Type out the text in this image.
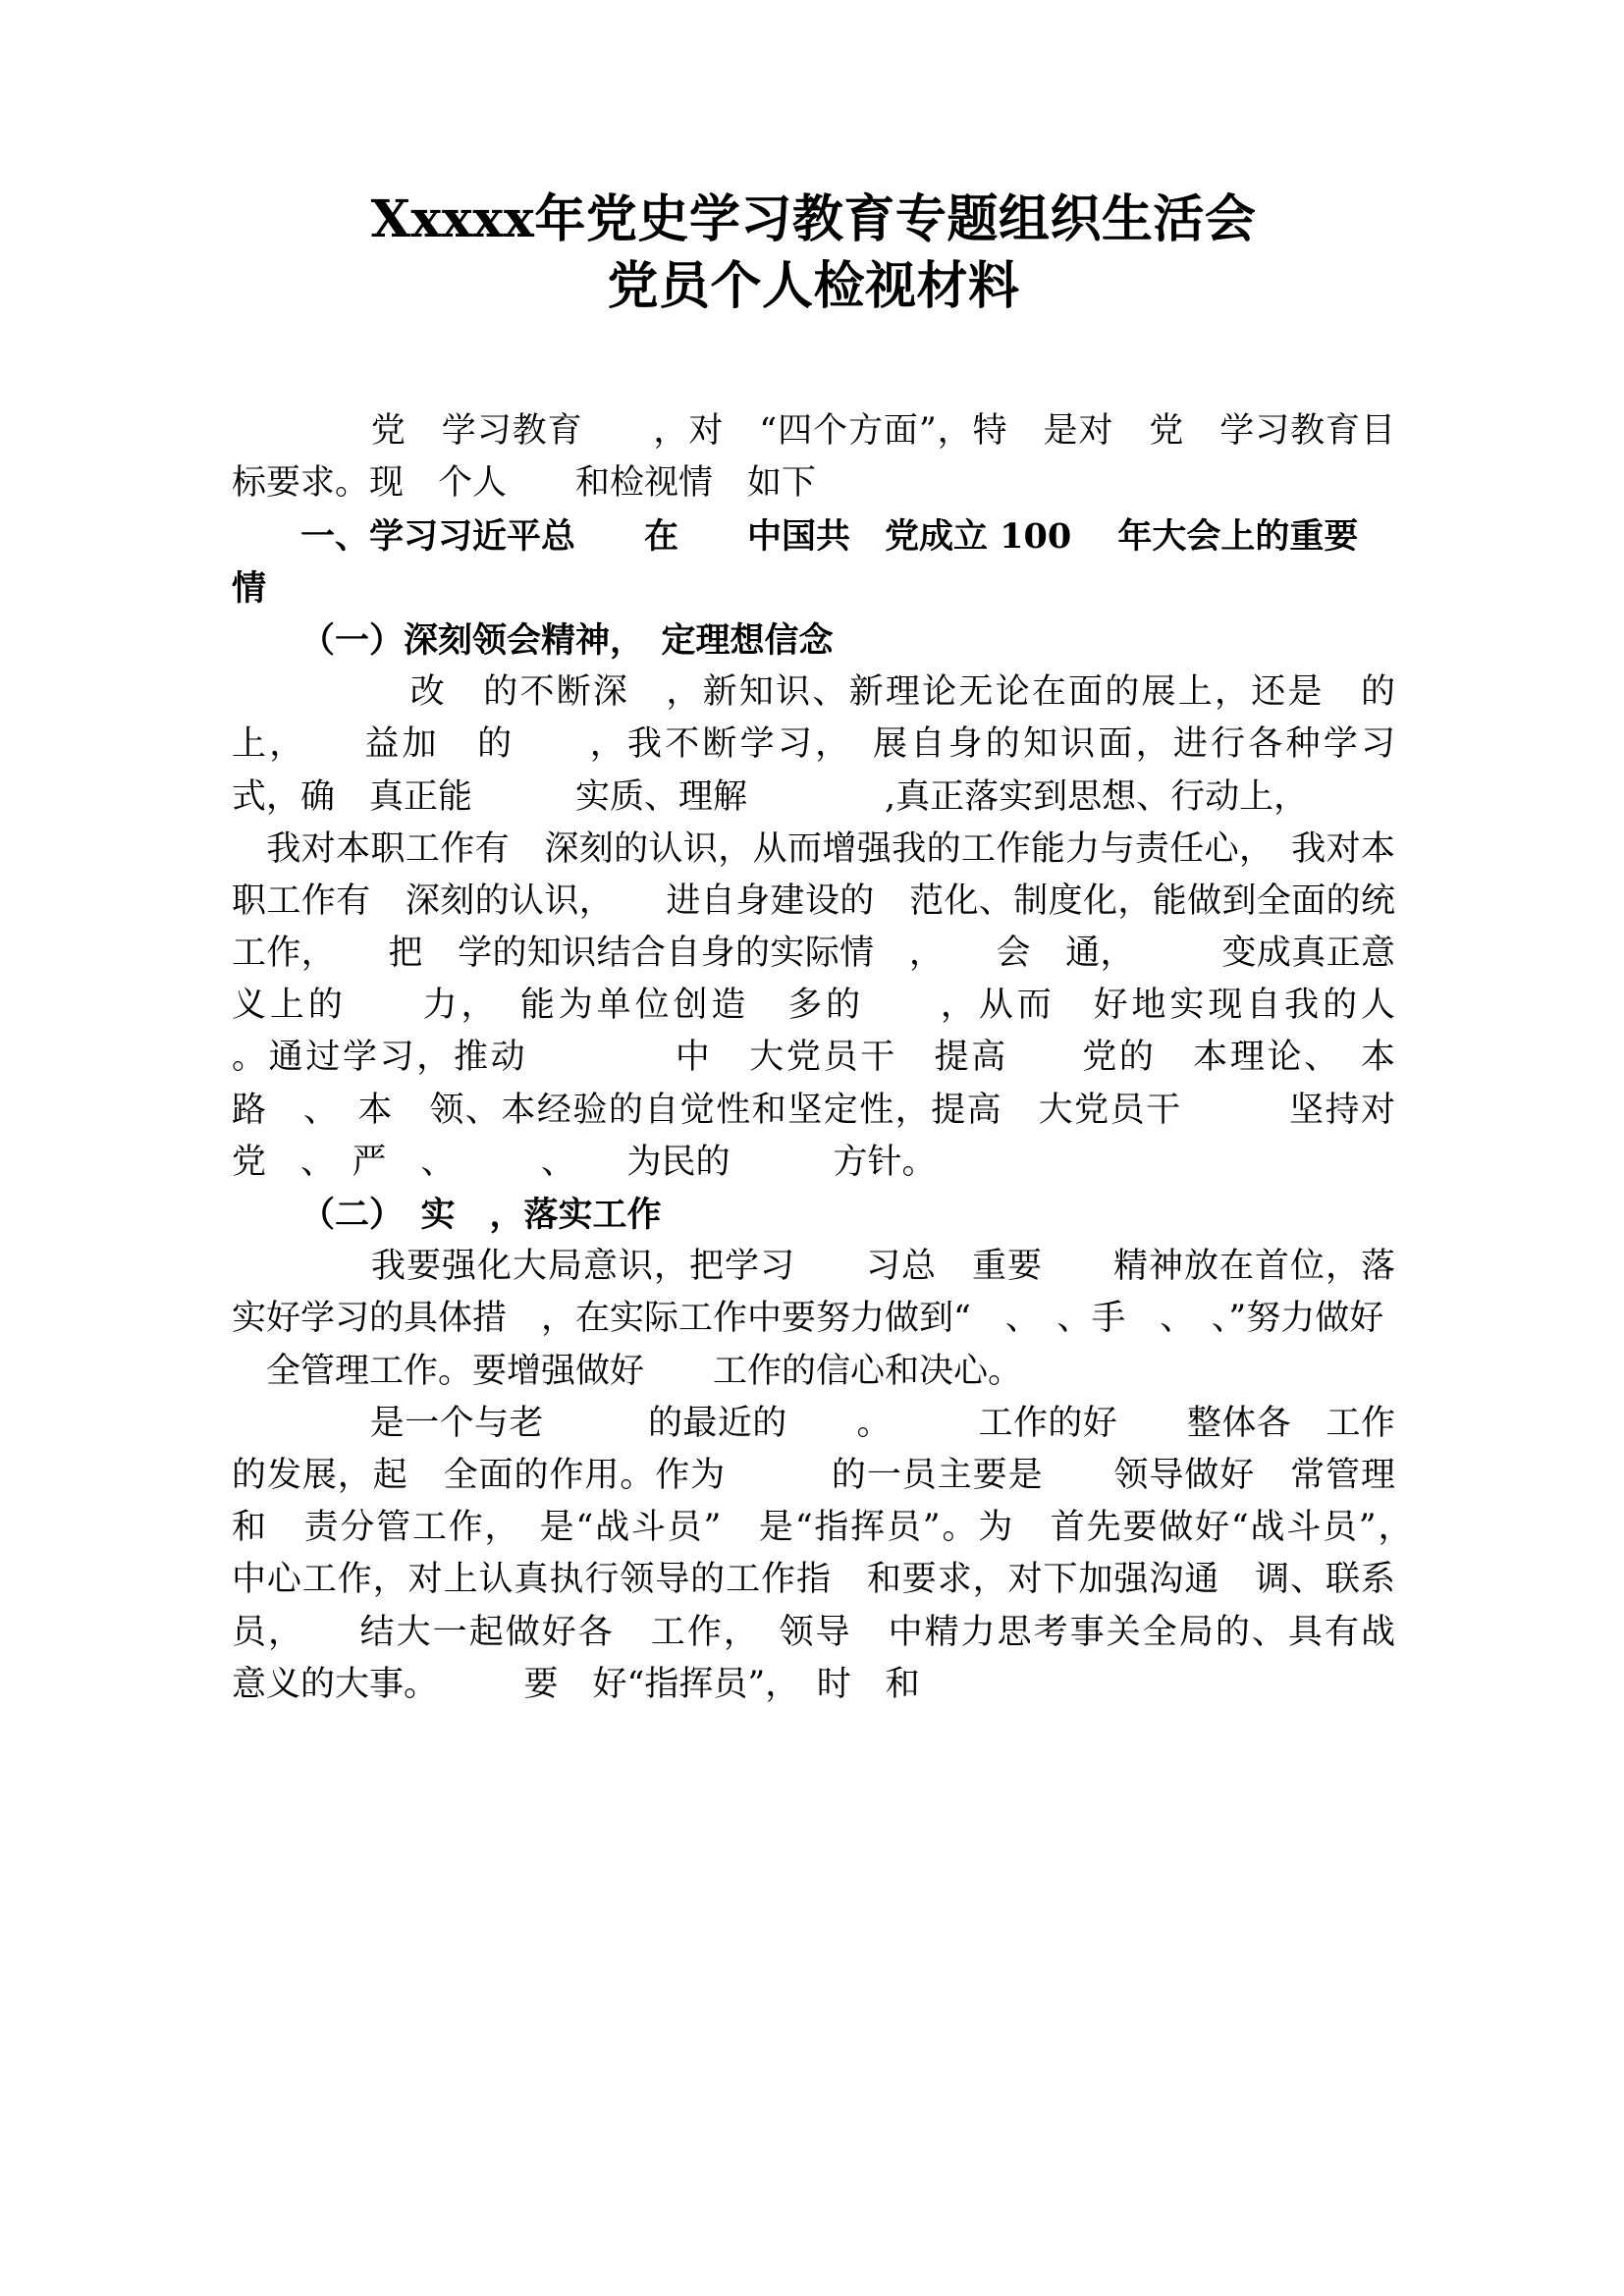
Xxxxx年党史学习教育专题组织生活会
党员个人检视材料

　　党　学习教育　　，对　“四个方面”，特　是对　党　学习教育目标要求。现　个人　　和检视情　如下

一、学习习近平总　　在　　中国共　党成立 100 　年大会上的重要　情

（一）深刻领会精神，　定理想信念

　　　改　的不断深　，新知识、新理论无论在面的展上，还是　的　上，　　益加　的　　，我不断学习，　展自身的知识面，进行各种学习　式，确　真正能　　　实质、理解　　　　,真正落实到思想、行动上，

　我对本职工作有　深刻的认识，从而增强我的工作能力与责任心，　我对本职工作有　深刻的认识，　　进自身建设的　范化、制度化，能做到全面的统　工作，　　把　学的知识结合自身的实际情　，　　会　通，　　　变成真正意义上的　　力，　能为单位创造　多的　　，从而　好地实现自我的人　　　。通过学习，推动　　　　中　大党员干　提高　　党的　本理论、　本路　、　本　领、本经验的自觉性和坚定性，提高　大党员干　　　坚持对党　、　严　、　　　、　　为民的　　　方针。

（二）　实　，落实工作

　　我要强化大局意识，把学习　　习总　重要　　精神放在首位，落实好学习的具体措　，在实际工作中要努力做到“　、　、手　、　、”努力做好

　全管理工作。要增强做好　　工作的信心和决心。

　　是一个与老　　　的最近的　　。　　　工作的好　　整体各　工作的发展，起　全面的作用。作为　　　的一员主要是　　领导做好　常管理和　责分管工作，　是“战斗员”　是“指挥员”。为　首先要做好“战斗员”，　　　　中心工作，对上认真执行领导的工作指　和要求，对下加强沟通　调、联系　员，　　结大一起做好各　工作，　领导　中精力思考事关全局的、具有战　意义的大事。　　　要　好“指挥员”，　时　和
